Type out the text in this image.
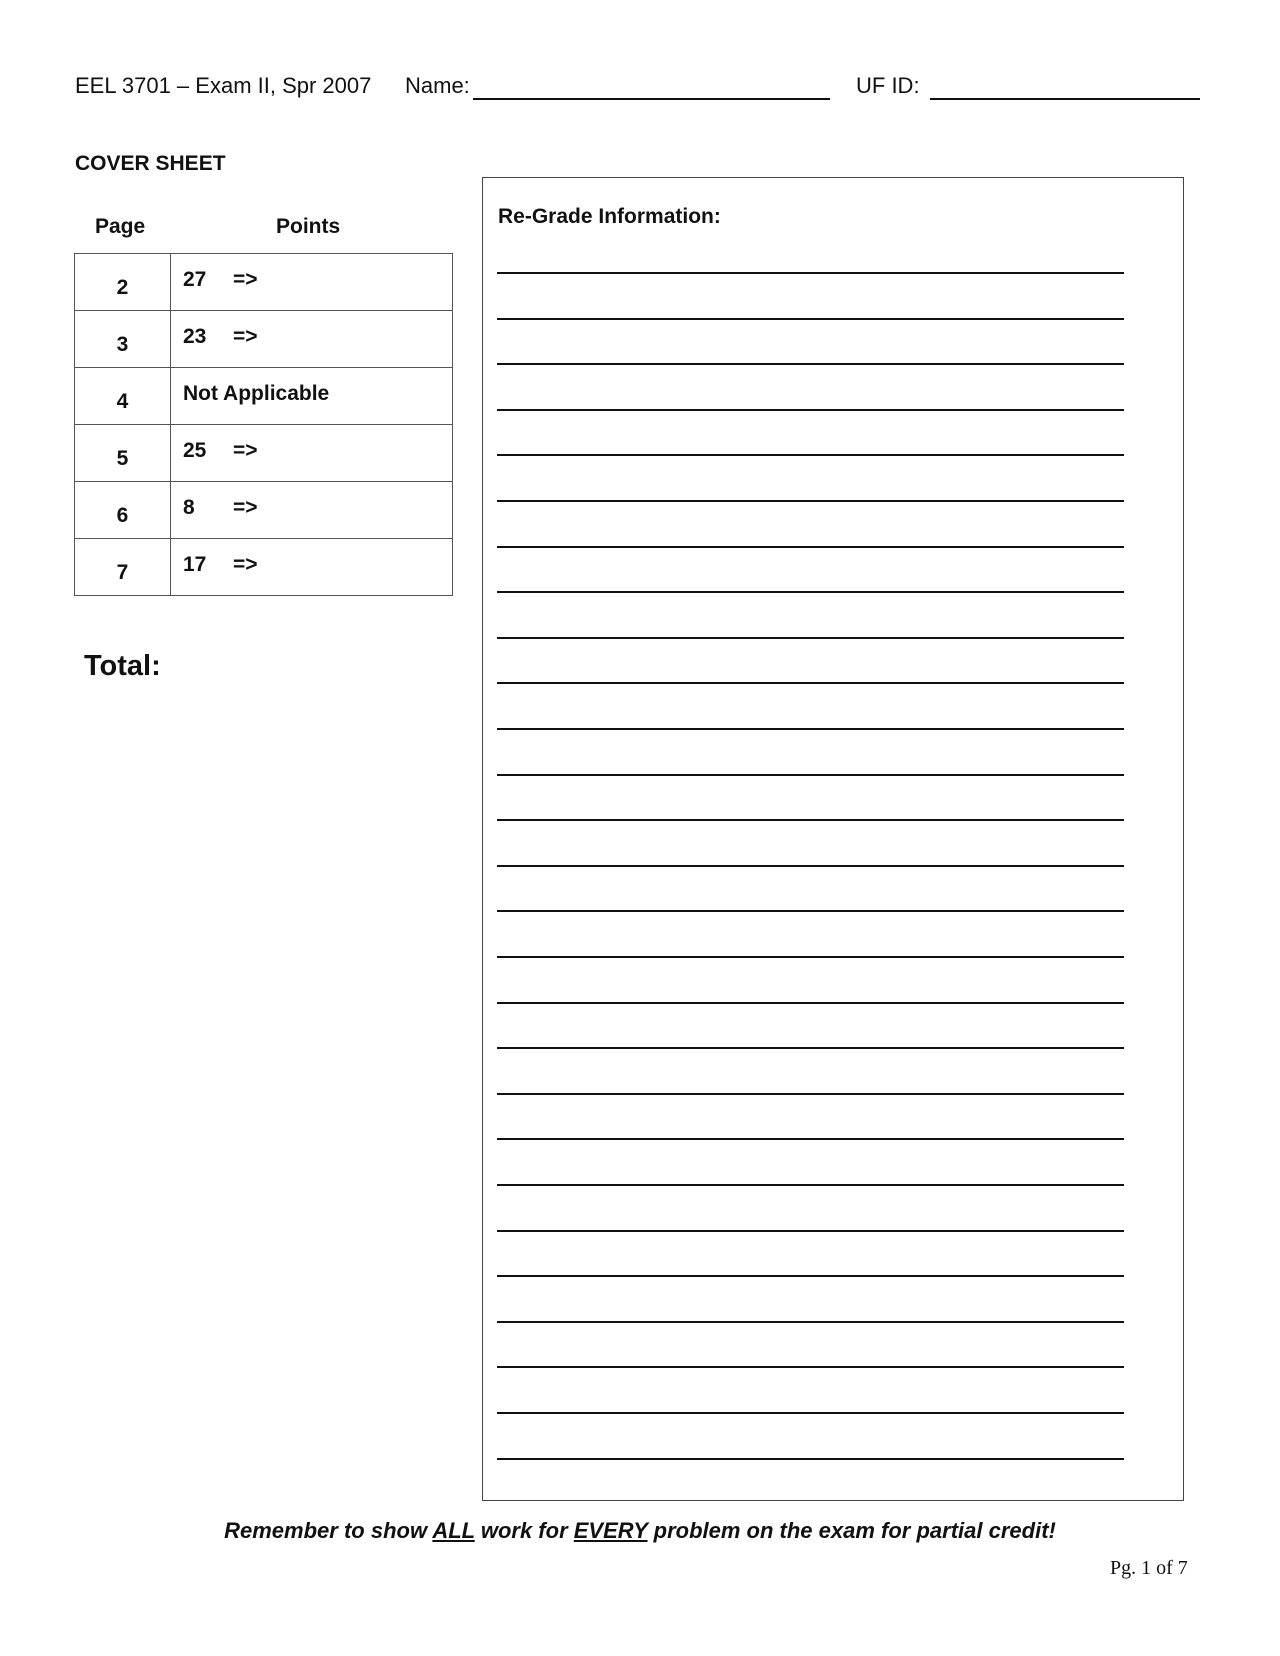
EEL 3701 – Exam II, Spr 2007 Name:	UF ID:
COVER SHEET
Page	Points
2	27 =>
3	23 =>
4	Not Applicable
5	25 =>
6	8 =>
7	17 =>
Total:
Re-Grade Information:
Remember to show ALL work for EVERY problem on the exam for partial credit!
Pg. 1 of 7
